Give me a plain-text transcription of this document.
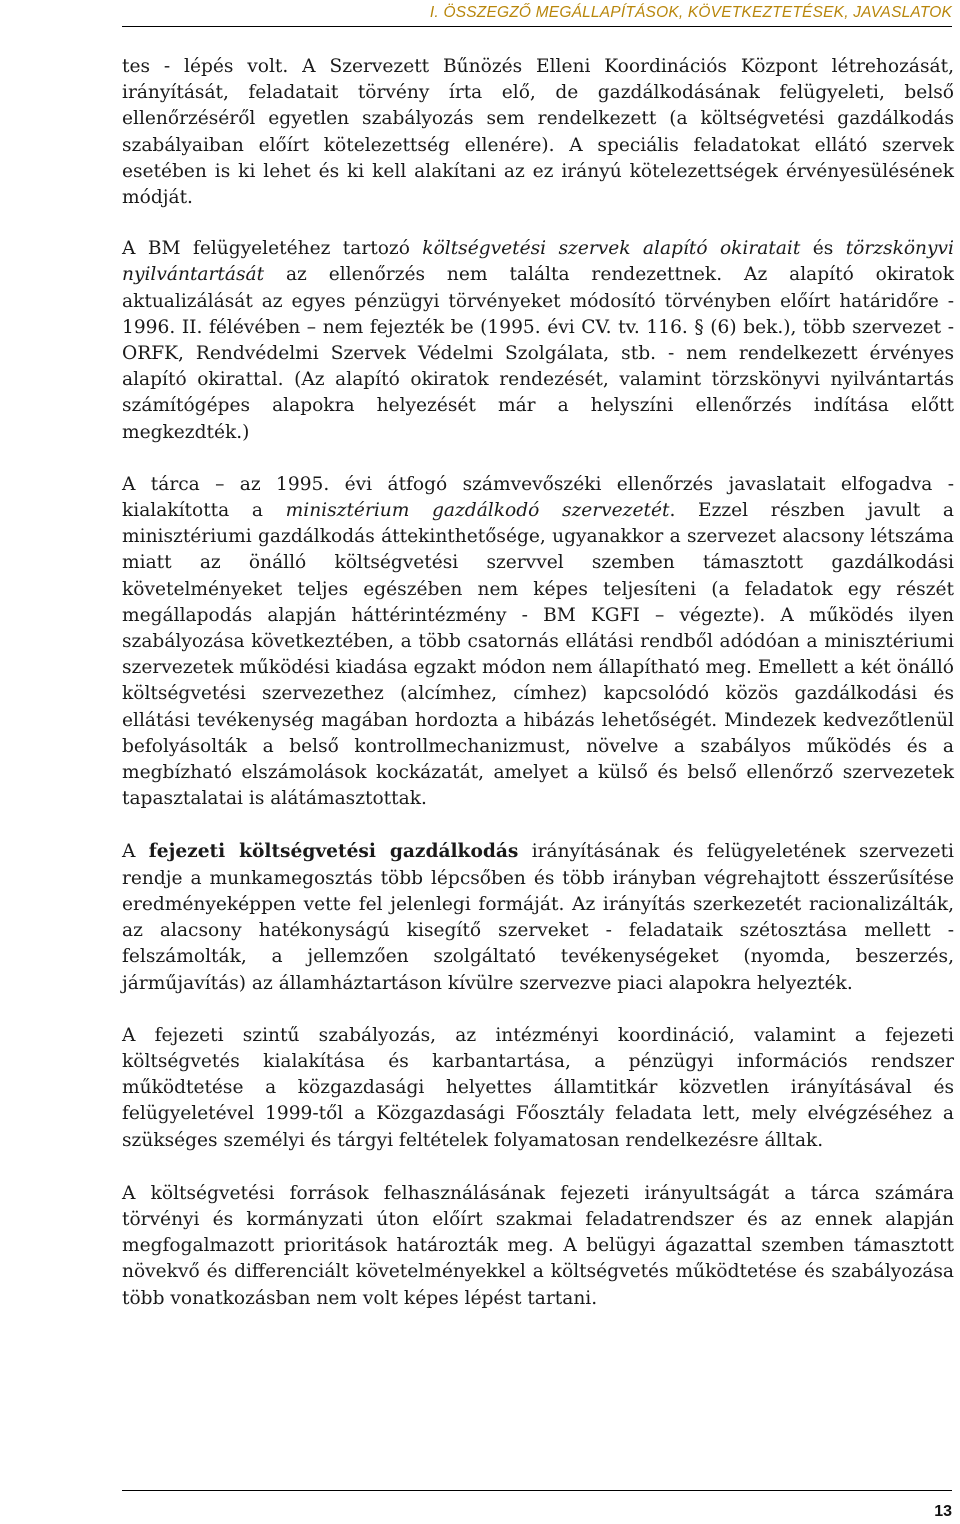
I. ÖSSZEGZŐ MEGÁLLAPÍTÁSOK, KÖVETKEZTETÉSEK, JAVASLATOK

tes - lépés volt. A Szervezett Bűnözés Elleni Koordinációs Központ létrehozását, irányítását, feladatait törvény írta elő, de gazdálkodásának felügyeleti, belső ellenőrzéséről egyetlen szabályozás sem rendelkezett (a költségvetési gazdálkodás szabályaiban előírt kötelezettség ellenére). A speciális feladatokat ellátó szervek esetében is ki lehet és ki kell alakítani az ez irányú kötelezettségek érvényesülésének módját.

A BM felügyeletéhez tartozó költségvetési szervek alapító okiratait és törzskönyvi nyilvántartását az ellenőrzés nem találta rendezettnek. Az alapító okiratok aktualizálását az egyes pénzügyi törvényeket módosító törvényben előírt határidőre - 1996. II. félévében – nem fejezték be (1995. évi CV. tv. 116. § (6) bek.), több szervezet - ORFK, Rendvédelmi Szervek Védelmi Szolgálata, stb. - nem rendelkezett érvényes alapító okirattal. (Az alapító okiratok rendezését, valamint törzskönyvi nyilvántartás számítógépes alapokra helyezését már a helyszíni ellenőrzés indítása előtt megkezdték.)

A tárca – az 1995. évi átfogó számvevőszéki ellenőrzés javaslatait elfogadva - kialakította a minisztérium gazdálkodó szervezetét. Ezzel részben javult a minisztériumi gazdálkodás áttekinthetősége, ugyanakkor a szervezet alacsony létszáma miatt az önálló költségvetési szervvel szemben támasztott gazdálkodási követelményeket teljes egészében nem képes teljesíteni (a feladatok egy részét megállapodás alapján háttérintézmény - BM KGFI – végezte). A működés ilyen szabályozása következtében, a több csatornás ellátási rendből adódóan a minisztériumi szervezetek működési kiadása egzakt módon nem állapítható meg. Emellett a két önálló költségvetési szervezethez (alcímhez, címhez) kapcsolódó közös gazdálkodási és ellátási tevékenység magában hordozta a hibázás lehetőségét. Mindezek kedvezőtlenül befolyásolták a belső kontrollmechanizmust, növelve a szabályos működés és a megbízható elszámolások kockázatát, amelyet a külső és belső ellenőrző szervezetek tapasztalatai is alátámasztottak.

A fejezeti költségvetési gazdálkodás irányításának és felügyeletének szervezeti rendje a munkamegosztás több lépcsőben és több irányban végrehajtott ésszerűsítése eredményeképpen vette fel jelenlegi formáját. Az irányítás szerkezetét racionalizálták, az alacsony hatékonyságú kisegítő szerveket - feladataik szétosztása mellett - felszámolták, a jellemzően szolgáltató tevékenységeket (nyomda, beszerzés, járműjavítás) az államháztartáson kívülre szervezve piaci alapokra helyezték.

A fejezeti szintű szabályozás, az intézményi koordináció, valamint a fejezeti költségvetés kialakítása és karbantartása, a pénzügyi információs rendszer működtetése a közgazdasági helyettes államtitkár közvetlen irányításával és felügyeletével 1999-től a Közgazdasági Főosztály feladata lett, mely elvégzéséhez a szükséges személyi és tárgyi feltételek folyamatosan rendelkezésre álltak.

A költségvetési források felhasználásának fejezeti irányultságát a tárca számára törvényi és kormányzati úton előírt szakmai feladatrendszer és az ennek alapján megfogalmazott prioritások határozták meg. A belügyi ágazattal szemben támasztott növekvő és differenciált követelményekkel a költségvetés működtetése és szabályozása több vonatkozásban nem volt képes lépést tartani.

13
